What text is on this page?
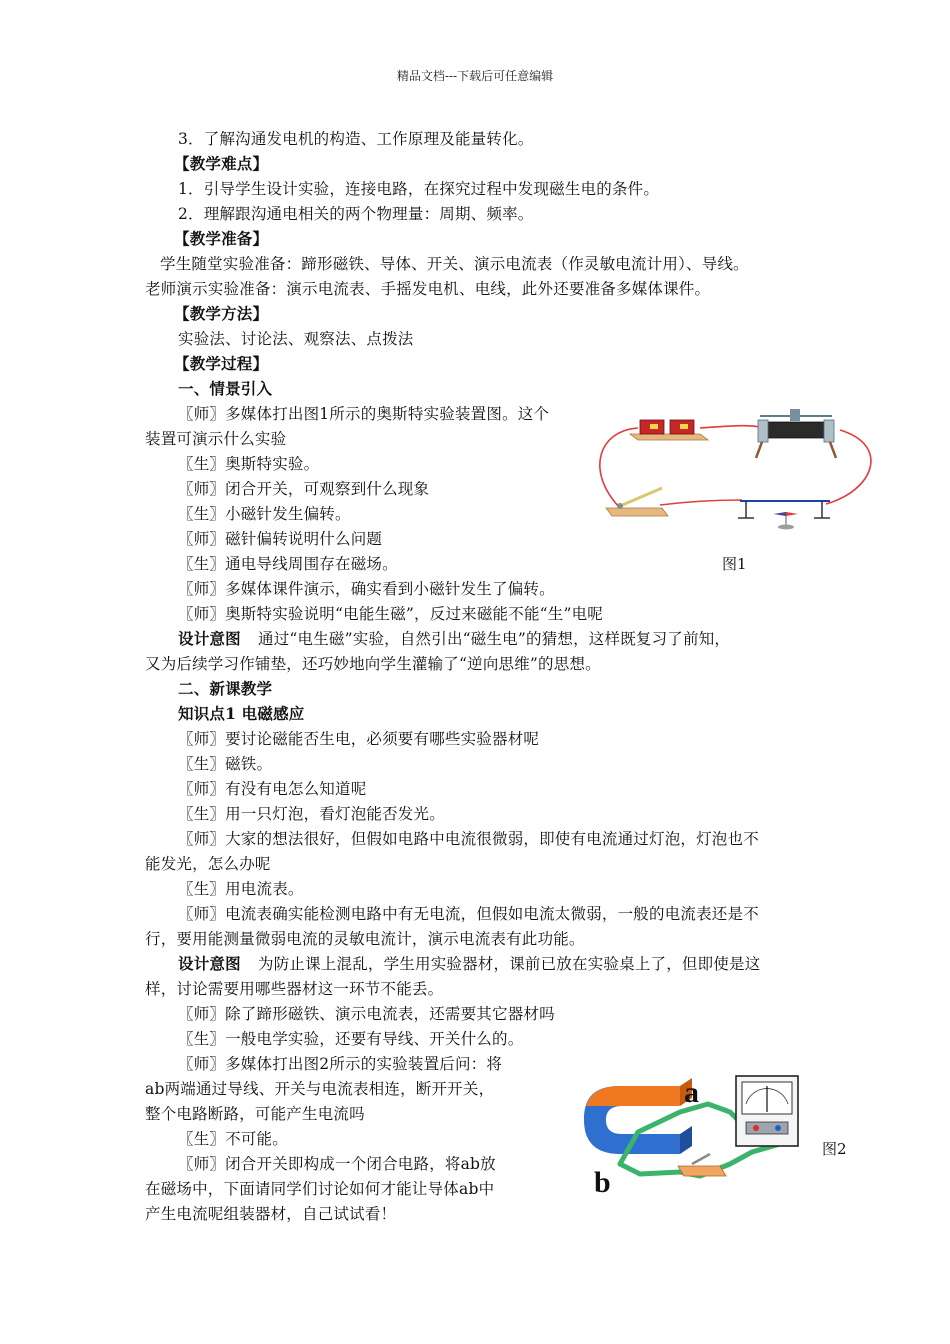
精品文档---下载后可任意编辑
3．了解沟通发电机的构造、工作原理及能量转化。
【教学难点】
1．引导学生设计实验，连接电路，在探究过程中发现磁生电的条件。
2．理解跟沟通电相关的两个物理量：周期、频率。
【教学准备】
学生随堂实验准备：蹄形磁铁、导体、开关、演示电流表（作灵敏电流计用）、导线。
老师演示实验准备：演示电流表、手摇发电机、电线，此外还要准备多媒体课件。
【教学方法】
实验法、讨论法、观察法、点拨法
【教学过程】
一、情景引入
〖师〗多媒体打出图1所示的奥斯特实验装置图。这个
装置可演示什么实验
〖生〗奥斯特实验。
〖师〗闭合开关，可观察到什么现象
〖生〗小磁针发生偏转。
〖师〗磁针偏转说明什么问题
〖生〗通电导线周围存在磁场。
〖师〗多媒体课件演示，确实看到小磁针发生了偏转。
〖师〗奥斯特实验说明“电能生磁”，反过来磁能不能“生”电呢
设计意图 通过“电生磁”实验，自然引出“磁生电”的猜想，这样既复习了前知，
又为后续学习作铺垫，还巧妙地向学生灌输了“逆向思维”的思想。
二、新课教学
知识点1 电磁感应
〖师〗要讨论磁能否生电，必须要有哪些实验器材呢
〖生〗磁铁。
〖师〗有没有电怎么知道呢
〖生〗用一只灯泡，看灯泡能否发光。
〖师〗大家的想法很好，但假如电路中电流很微弱，即使有电流通过灯泡，灯泡也不
能发光，怎么办呢
〖生〗用电流表。
〖师〗电流表确实能检测电路中有无电流，但假如电流太微弱，一般的电流表还是不
行，要用能测量微弱电流的灵敏电流计，演示电流表有此功能。
设计意图 为防止课上混乱，学生用实验器材，课前已放在实验桌上了，但即使是这
样，讨论需要用哪些器材这一环节不能丢。
〖师〗除了蹄形磁铁、演示电流表，还需要其它器材吗
〖生〗一般电学实验，还要有导线、开关什么的。
〖师〗多媒体打出图2所示的实验装置后问：将
ab两端通过导线、开关与电流表相连，断开开关，
整个电路断路，可能产生电流吗
〖生〗不可能。
〖师〗闭合开关即构成一个闭合电路，将ab放
在磁场中，下面请同学们讨论如何才能让导体ab中
产生电流呢组装器材，自己试试看！
图1
a
b
图2
